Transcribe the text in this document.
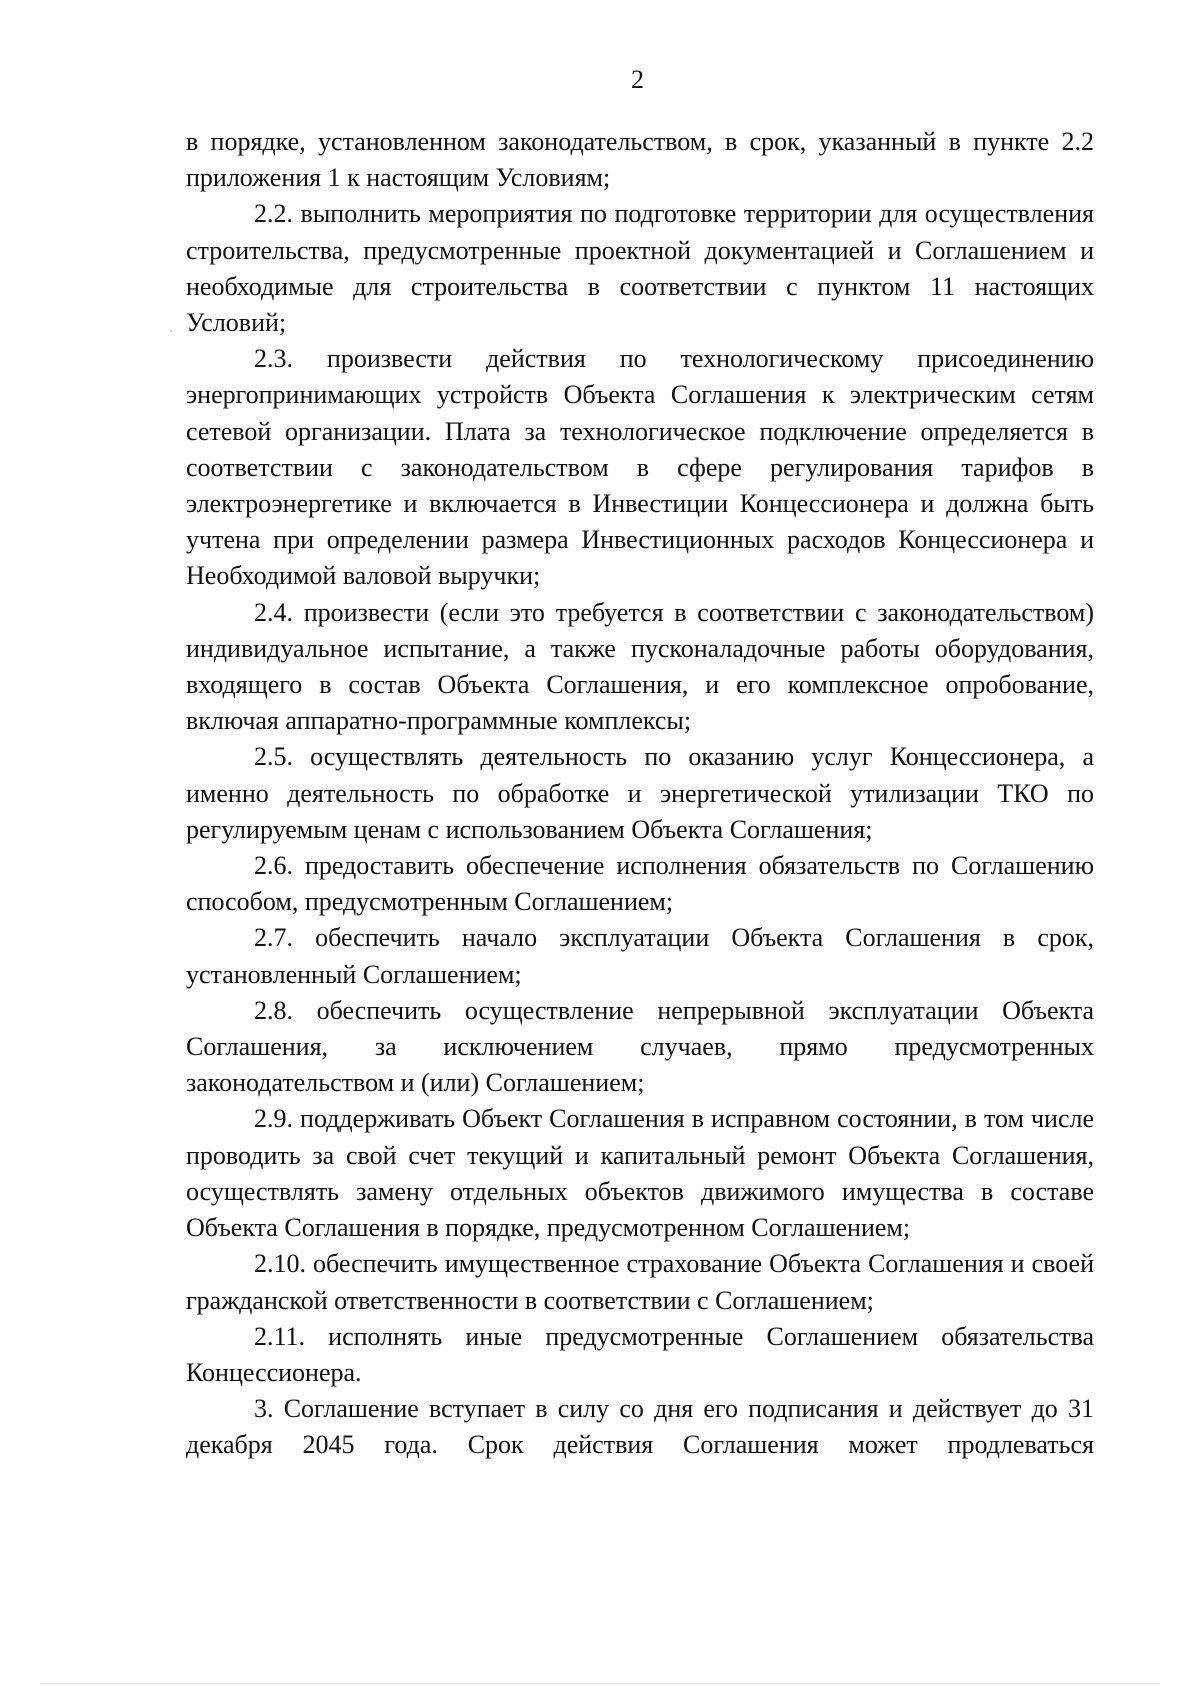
2

в порядке, установленном законодательством, в срок, указанный в пункте 2.2 приложения 1 к настоящим Условиям;

2.2. выполнить мероприятия по подготовке территории для осуществления строительства, предусмотренные проектной документацией и Соглашением и необходимые для строительства в соответствии с пунктом 11 настоящих Условий;

2.3. произвести действия по технологическому присоединению энергопринимающих устройств Объекта Соглашения к электрическим сетям сетевой организации. Плата за технологическое подключение определяется в соответствии с законодательством в сфере регулирования тарифов в электроэнергетике и включается в Инвестиции Концессионера и должна быть учтена при определении размера Инвестиционных расходов Концессионера и Необходимой валовой выручки;

2.4. произвести (если это требуется в соответствии с законодательством) индивидуальное испытание, а также пусконаладочные работы оборудования, входящего в состав Объекта Соглашения, и его комплексное опробование, включая аппаратно-программные комплексы;

2.5. осуществлять деятельность по оказанию услуг Концессионера, а именно деятельность по обработке и энергетической утилизации ТКО по регулируемым ценам с использованием Объекта Соглашения;

2.6. предоставить обеспечение исполнения обязательств по Соглашению способом, предусмотренным Соглашением;

2.7. обеспечить начало эксплуатации Объекта Соглашения в срок, установленный Соглашением;

2.8. обеспечить осуществление непрерывной эксплуатации Объекта Соглашения, за исключением случаев, прямо предусмотренных законодательством и (или) Соглашением;

2.9. поддерживать Объект Соглашения в исправном состоянии, в том числе проводить за свой счет текущий и капитальный ремонт Объекта Соглашения, осуществлять замену отдельных объектов движимого имущества в составе Объекта Соглашения в порядке, предусмотренном Соглашением;

2.10. обеспечить имущественное страхование Объекта Соглашения и своей гражданской ответственности в соответствии с Соглашением;

2.11. исполнять иные предусмотренные Соглашением обязательства Концессионера.

3. Соглашение вступает в силу со дня его подписания и действует до 31 декабря 2045 года. Срок действия Соглашения может продлеваться
